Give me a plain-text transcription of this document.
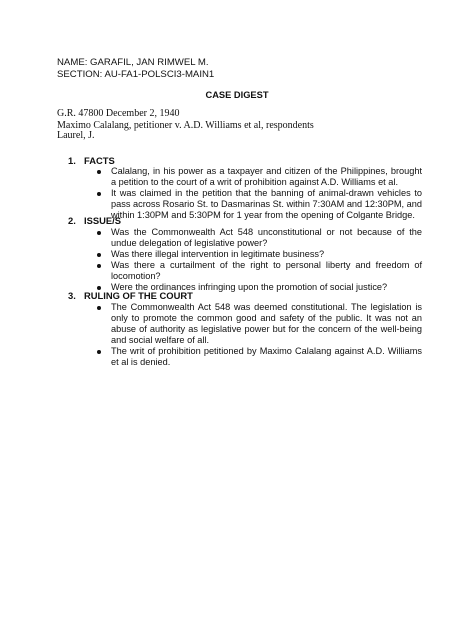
NAME: GARAFIL, JAN RIMWEL M.
SECTION: AU-FA1-POLSCI3-MAIN1
CASE DIGEST
G.R. 47800 December 2, 1940
Maximo Calalang, petitioner v. A.D. Williams et al, respondents
Laurel, J.
1. FACTS
Calalang, in his power as a taxpayer and citizen of the Philippines, brought a petition to the court of a writ of prohibition against A.D. Williams et al.
It was claimed in the petition that the banning of animal-drawn vehicles to pass across Rosario St. to Dasmarinas St. within 7:30AM and 12:30PM, and within 1:30PM and 5:30PM for 1 year from the opening of Colgante Bridge.
2. ISSUE/S
Was the Commonwealth Act 548 unconstitutional or not because of the undue delegation of legislative power?
Was there illegal intervention in legitimate business?
Was there a curtailment of the right to personal liberty and freedom of locomotion?
Were the ordinances infringing upon the promotion of social justice?
3. RULING OF THE COURT
The Commonwealth Act 548 was deemed constitutional. The legislation is only to promote the common good and safety of the public. It was not an abuse of authority as legislative power but for the concern of the well-being and social welfare of all.
The writ of prohibition petitioned by Maximo Calalang against A.D. Williams et al is denied.
